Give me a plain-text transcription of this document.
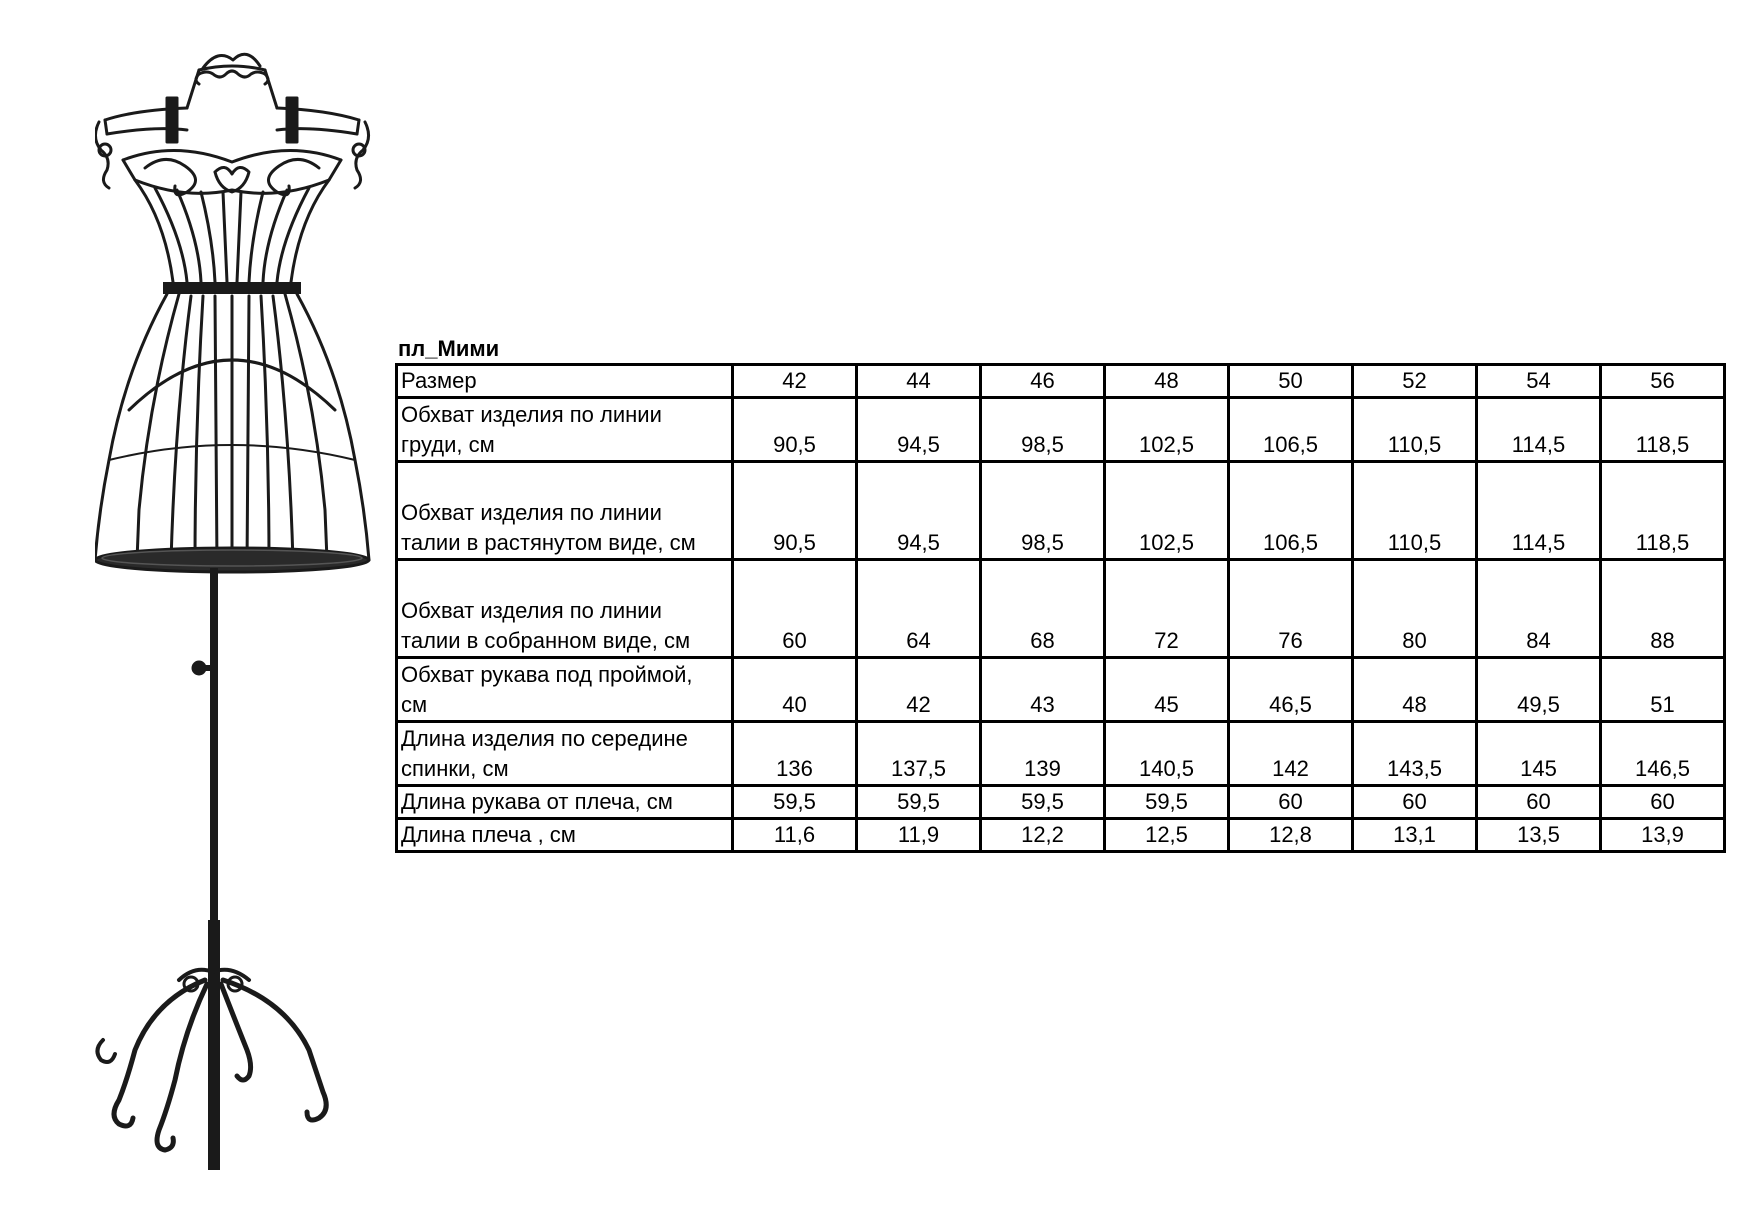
пл_Мими
Размер	42	44	46	48	50	52	54	56
Обхват изделия по линии
груди, см	90,5	94,5	98,5	102,5	106,5	110,5	114,5	118,5
Обхват изделия по линии
талии в растянутом виде, см	90,5	94,5	98,5	102,5	106,5	110,5	114,5	118,5
Обхват изделия по линии
талии в собранном виде, см	60	64	68	72	76	80	84	88
Обхват рукава под проймой,
см	40	42	43	45	46,5	48	49,5	51
Длина изделия по середине
спинки, см	136	137,5	139	140,5	142	143,5	145	146,5
Длина рукава от плеча, см	59,5	59,5	59,5	59,5	60	60	60	60
Длина плеча , см	11,6	11,9	12,2	12,5	12,8	13,1	13,5	13,9
